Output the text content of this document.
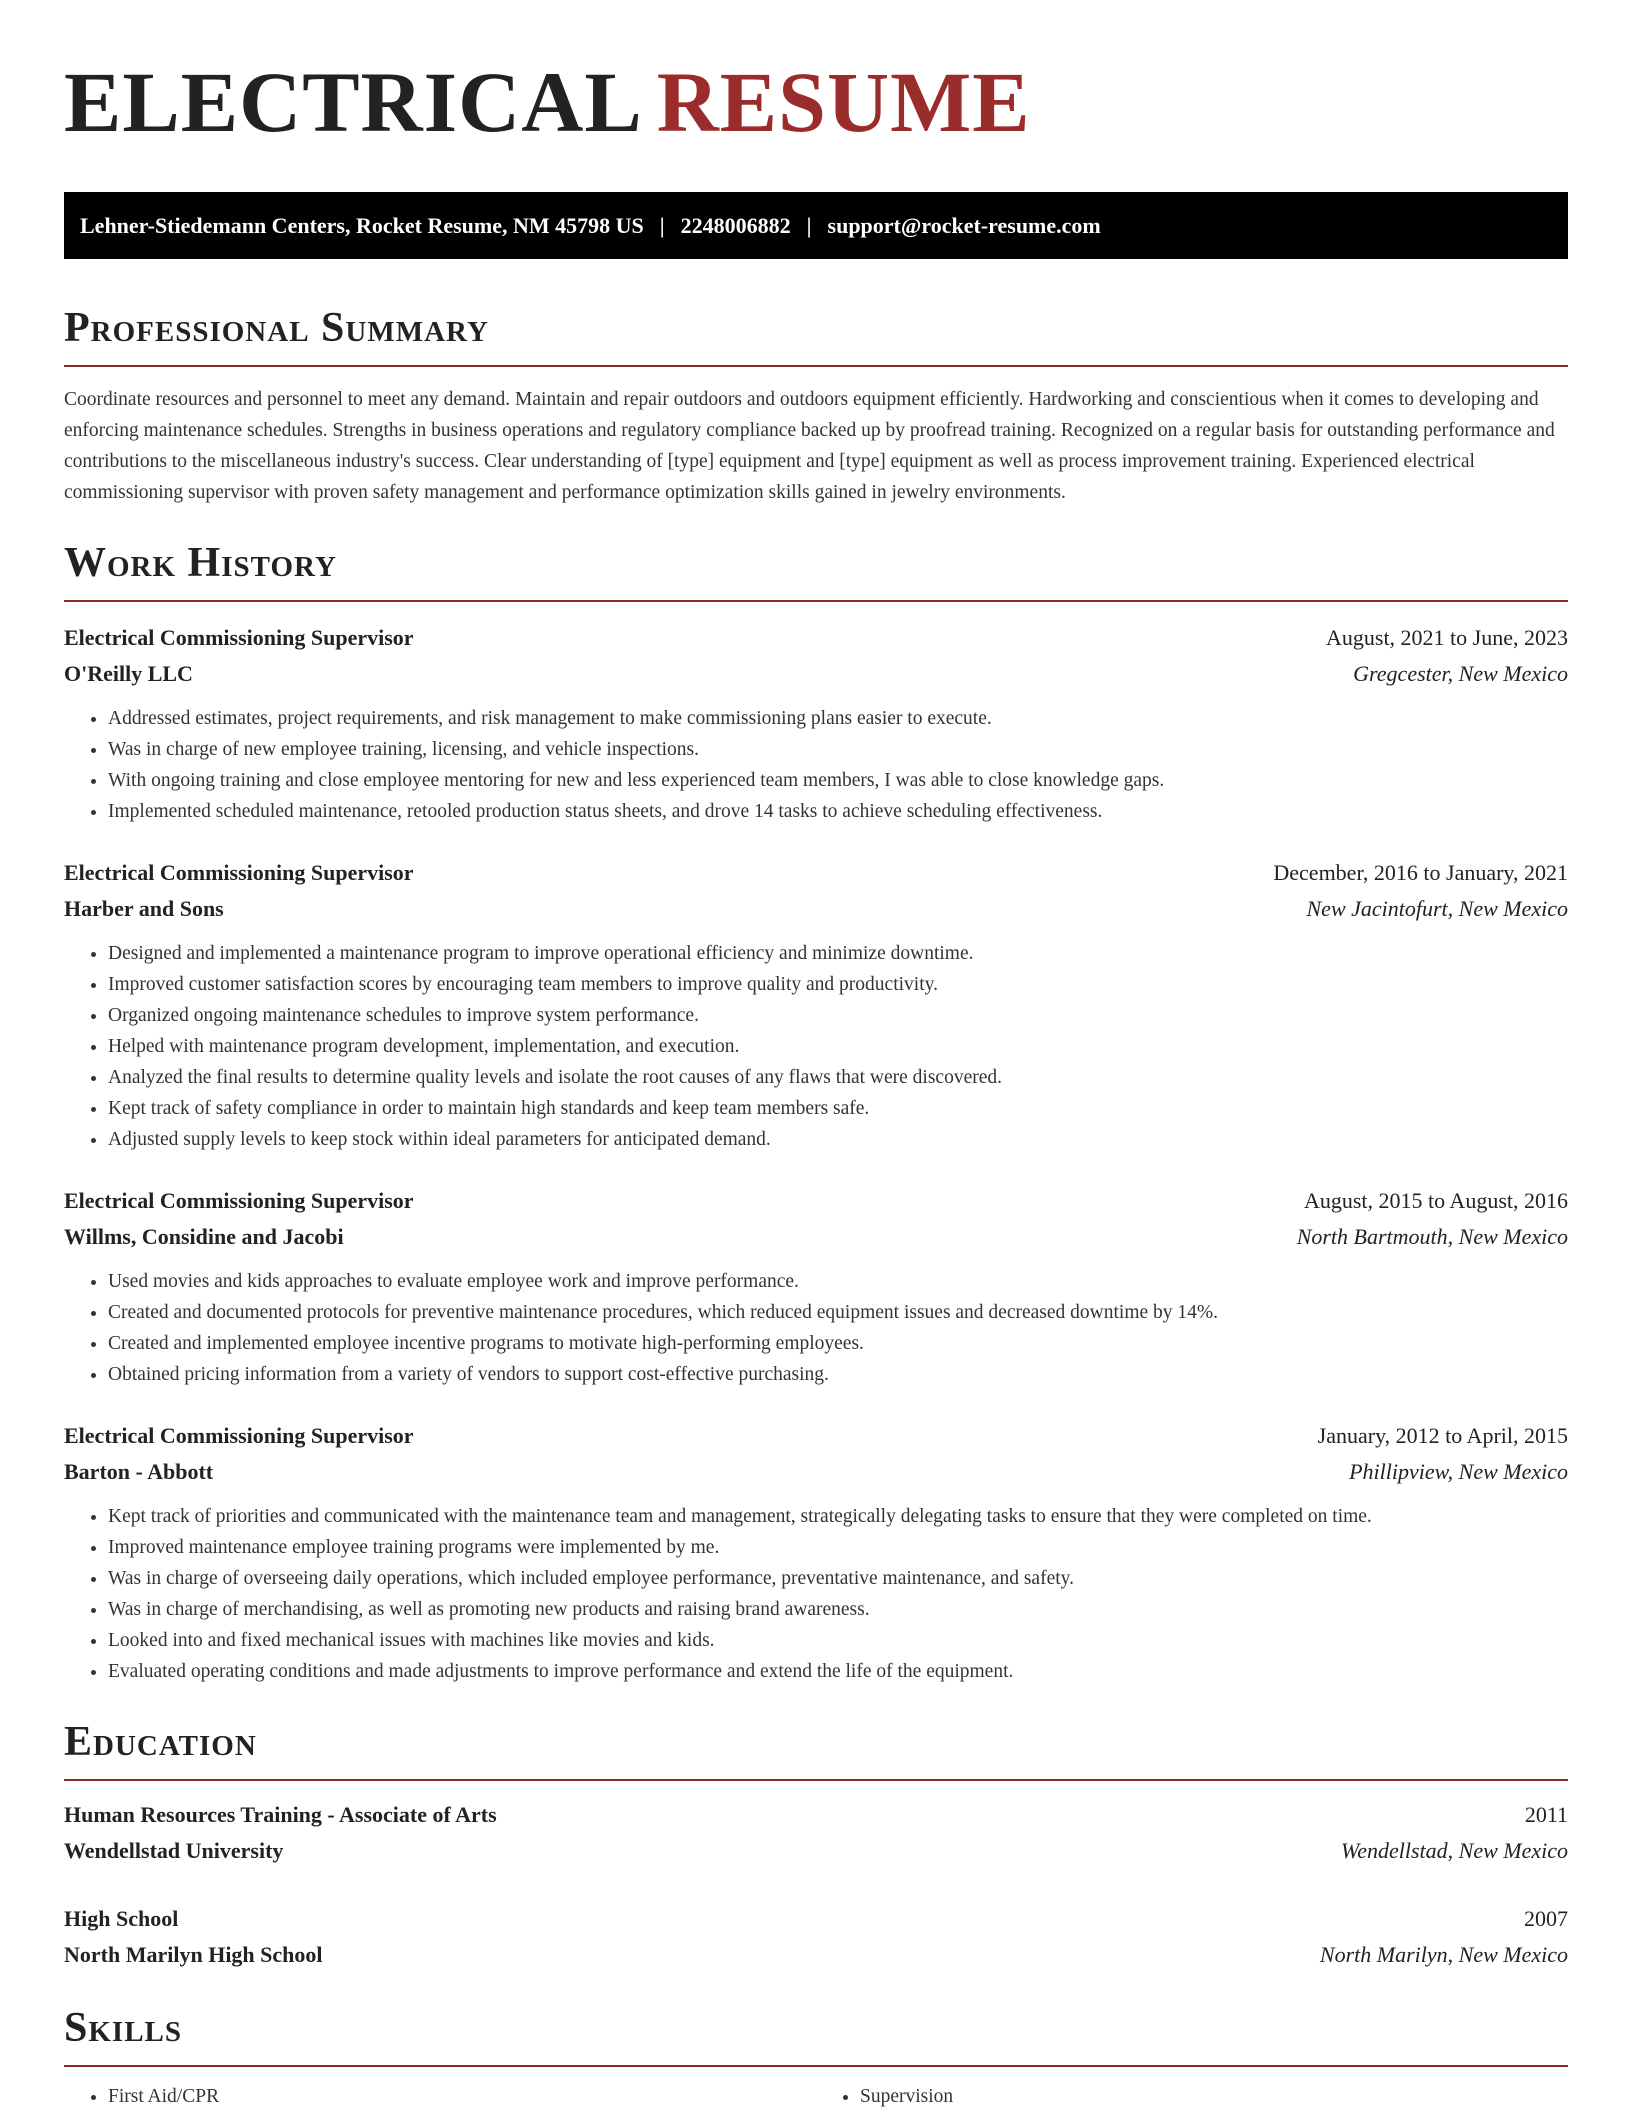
ELECTRICAL RESUME
Lehner-Stiedemann Centers, Rocket Resume, NM 45798 US | 2248006882 | support@rocket-resume.com
Professional Summary
Coordinate resources and personnel to meet any demand. Maintain and repair outdoors and outdoors equipment efficiently. Hardworking and conscientious when it comes to developing and enforcing maintenance schedules. Strengths in business operations and regulatory compliance backed up by proofread training. Recognized on a regular basis for outstanding performance and contributions to the miscellaneous industry's success. Clear understanding of [type] equipment and [type] equipment as well as process improvement training. Experienced electrical commissioning supervisor with proven safety management and performance optimization skills gained in jewelry environments.
Work History
Electrical Commissioning Supervisor	August, 2021 to June, 2023
O'Reilly LLC	Gregcester, New Mexico
• Addressed estimates, project requirements, and risk management to make commissioning plans easier to execute.
• Was in charge of new employee training, licensing, and vehicle inspections.
• With ongoing training and close employee mentoring for new and less experienced team members, I was able to close knowledge gaps.
• Implemented scheduled maintenance, retooled production status sheets, and drove 14 tasks to achieve scheduling effectiveness.
Electrical Commissioning Supervisor	December, 2016 to January, 2021
Harber and Sons	New Jacintofurt, New Mexico
• Designed and implemented a maintenance program to improve operational efficiency and minimize downtime.
• Improved customer satisfaction scores by encouraging team members to improve quality and productivity.
• Organized ongoing maintenance schedules to improve system performance.
• Helped with maintenance program development, implementation, and execution.
• Analyzed the final results to determine quality levels and isolate the root causes of any flaws that were discovered.
• Kept track of safety compliance in order to maintain high standards and keep team members safe.
• Adjusted supply levels to keep stock within ideal parameters for anticipated demand.
Electrical Commissioning Supervisor	August, 2015 to August, 2016
Willms, Considine and Jacobi	North Bartmouth, New Mexico
• Used movies and kids approaches to evaluate employee work and improve performance.
• Created and documented protocols for preventive maintenance procedures, which reduced equipment issues and decreased downtime by 14%.
• Created and implemented employee incentive programs to motivate high-performing employees.
• Obtained pricing information from a variety of vendors to support cost-effective purchasing.
Electrical Commissioning Supervisor	January, 2012 to April, 2015
Barton - Abbott	Phillipview, New Mexico
• Kept track of priorities and communicated with the maintenance team and management, strategically delegating tasks to ensure that they were completed on time.
• Improved maintenance employee training programs were implemented by me.
• Was in charge of overseeing daily operations, which included employee performance, preventative maintenance, and safety.
• Was in charge of merchandising, as well as promoting new products and raising brand awareness.
• Looked into and fixed mechanical issues with machines like movies and kids.
• Evaluated operating conditions and made adjustments to improve performance and extend the life of the equipment.
Education
Human Resources Training - Associate of Arts	2011
Wendellstad University	Wendellstad, New Mexico
High School	2007
North Marilyn High School	North Marilyn, New Mexico
Skills
• First Aid/CPR
•	Supervision
